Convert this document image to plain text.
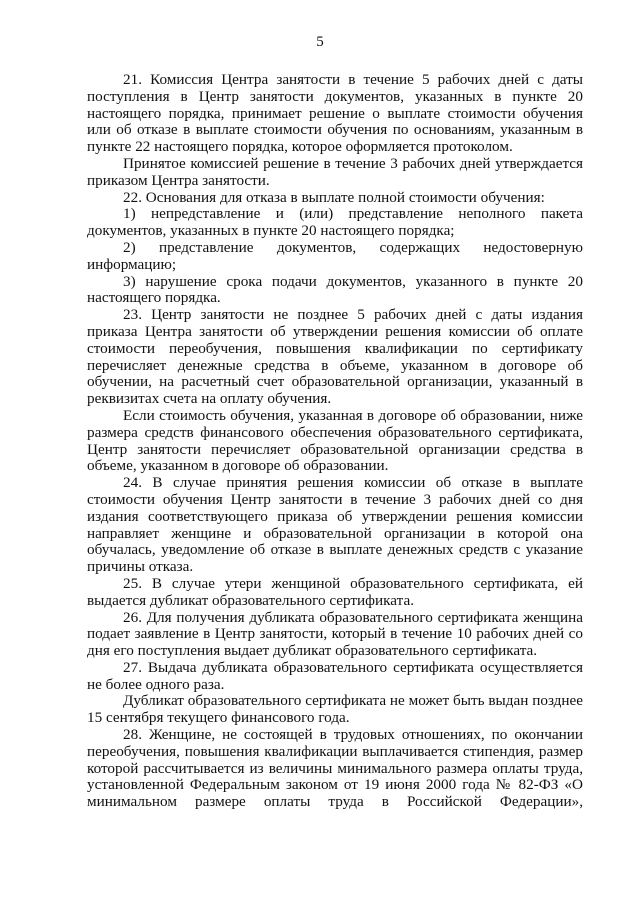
5

21. Комиссия Центра занятости в течение 5 рабочих дней с даты поступления в Центр занятости документов, указанных в пункте 20 настоящего порядка, принимает решение о выплате стоимости обучения или об отказе в выплате стоимости обучения по основаниям, указанным в пункте 22 настоящего порядка, которое оформляется протоколом.

Принятое комиссией решение в течение 3 рабочих дней утверждается приказом Центра занятости.

22. Основания для отказа в выплате полной стоимости обучения:

1) непредставление и (или) представление неполного пакета документов, указанных в пункте 20 настоящего порядка;

2) представление документов, содержащих недостоверную информацию;

3) нарушение срока подачи документов, указанного в пункте 20 настоящего порядка.

23. Центр занятости не позднее 5 рабочих дней с даты издания приказа Центра занятости об утверждении решения комиссии об оплате стоимости переобучения, повышения квалификации по сертификату перечисляет денежные средства в объеме, указанном в договоре об обучении, на расчетный счет образовательной организации, указанный в реквизитах счета на оплату обучения.

Если стоимость обучения, указанная в договоре об образовании, ниже размера средств финансового обеспечения образовательного сертификата, Центр занятости перечисляет образовательной организации средства в объеме, указанном в договоре об образовании.

24. В случае принятия решения комиссии об отказе в выплате стоимости обучения Центр занятости в течение 3 рабочих дней со дня издания соответствующего приказа об утверждении решения комиссии направляет женщине и образовательной организации в которой она обучалась, уведомление об отказе в выплате денежных средств с указание причины отказа.

25. В случае утери женщиной образовательного сертификата, ей выдается дубликат образовательного сертификата.

26. Для получения дубликата образовательного сертификата женщина подает заявление в Центр занятости, который в течение 10 рабочих дней со дня его поступления выдает дубликат образовательного сертификата.

27. Выдача дубликата образовательного сертификата осуществляется не более одного раза.

Дубликат образовательного сертификата не может быть выдан позднее 15 сентября текущего финансового года.

28. Женщине, не состоящей в трудовых отношениях, по окончании переобучения, повышения квалификации выплачивается стипендия, размер которой рассчитывается из величины минимального размера оплаты труда, установленной Федеральным законом от 19 июня 2000 года № 82-ФЗ «О минимальном размере оплаты труда в Российской Федерации»,
